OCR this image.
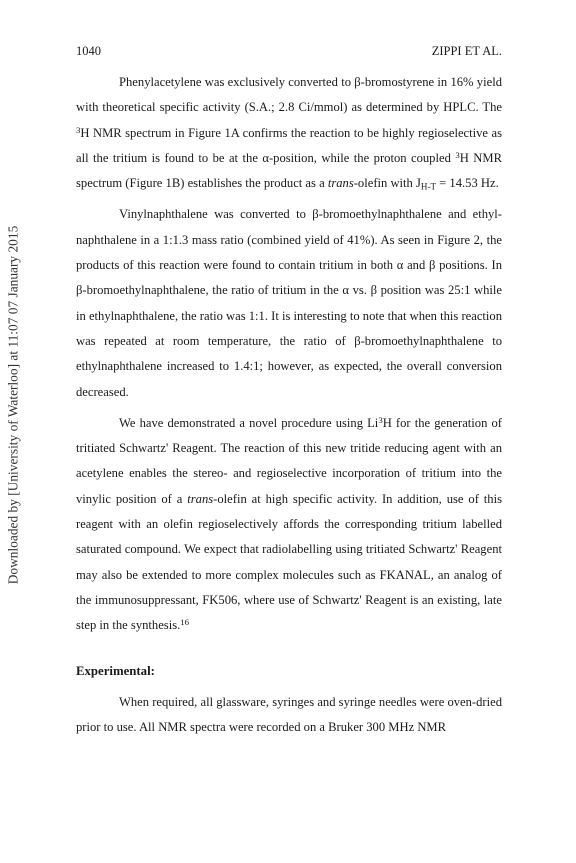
Downloaded by [University of Waterloo] at 11:07 07 January 2015
1040	ZIPPI ET AL.

Phenylacetylene was exclusively converted to β-bromostyrene in 16% yield with theoretical specific activity (S.A.; 2.8 Ci/mmol) as determined by HPLC. The $^3$H NMR spectrum in Figure 1A confirms the reaction to be highly regioselective as all the tritium is found to be at the α-position, while the proton coupled $^3$H NMR spectrum (Figure 1B) establishes the product as a trans-olefin with $J_{H-T} = 14.53$ Hz.

Vinylnaphthalene was converted to β-bromoethylnaphthalene and ethyl-naphthalene in a 1:1.3 mass ratio (combined yield of 41%). As seen in Figure 2, the products of this reaction were found to contain tritium in both α and β positions. In β-bromoethylnaphthalene, the ratio of tritium in the α vs. β position was 25:1 while in ethylnaphthalene, the ratio was 1:1. It is interesting to note that when this reaction was repeated at room temperature, the ratio of β-bromoethylnaphthalene to ethylnaphthalene increased to 1.4:1; however, as expected, the overall conversion decreased.

We have demonstrated a novel procedure using Li$^3$H for the generation of tritiated Schwartz' Reagent. The reaction of this new tritide reducing agent with an acetylene enables the stereo- and regioselective incorporation of tritium into the vinylic position of a trans-olefin at high specific activity. In addition, use of this reagent with an olefin regioselectively affords the corresponding tritium labelled saturated compound. We expect that radiolabelling using tritiated Schwartz' Reagent may also be extended to more complex molecules such as FKANAL, an analog of the immunosuppressant, FK506, where use of Schwartz' Reagent is an existing, late step in the synthesis.$^{16}$

Experimental:

When required, all glassware, syringes and syringe needles were oven-dried prior to use. All NMR spectra were recorded on a Bruker 300 MHz NMR
